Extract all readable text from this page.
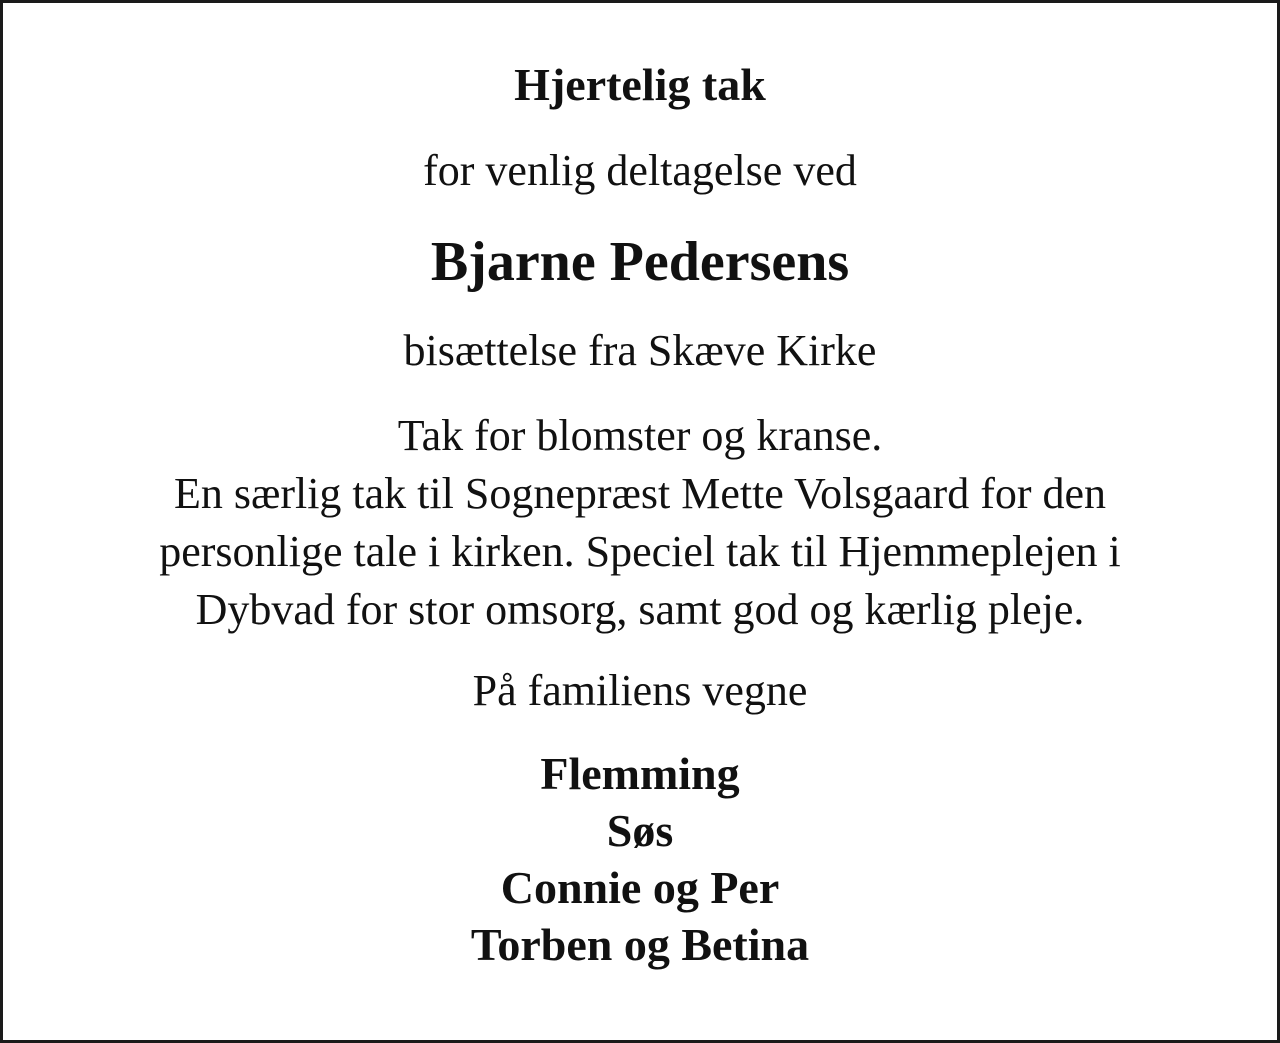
Hjertelig tak

for venlig deltagelse ved

Bjarne Pedersens

bisættelse fra Skæve Kirke

Tak for blomster og kranse.
En særlig tak til Sognepræst Mette Volsgaard for den
personlige tale i kirken. Speciel tak til Hjemmeplejen i
Dybvad for stor omsorg, samt god og kærlig pleje.

På familiens vegne

Flemming
Søs
Connie og Per
Torben og Betina
